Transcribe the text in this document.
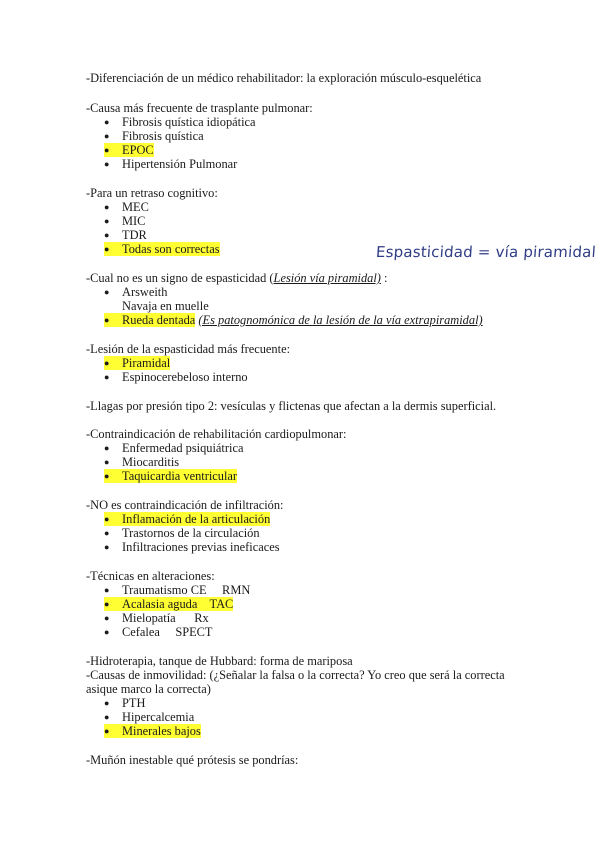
-Diferenciación de un médico rehabilitador: la exploración músculo-esquelética
-Causa más frecuente de trasplante pulmonar:
● Fibrosis quística idiopática
● Fibrosis quística
● EPOC
● Hipertensión Pulmonar
-Para un retraso cognitivo:
● MEC
● MIC
● TDR
● Todas son correctas	Espasticidad = vía piramidal
-Cual no es un signo de espasticidad (Lesión vía piramidal) :
● Arsweith
Navaja en muelle
● Rueda dentada (Es patognomónica de la lesión de la vía extrapiramidal)
-Lesión de la espasticidad más frecuente:
● Piramidal
● Espinocerebeloso interno
-Llagas por presión tipo 2: vesículas y flictenas que afectan a la dermis superficial.
-Contraindicación de rehabilitación cardiopulmonar:
● Enfermedad psiquiátrica
● Miocarditis
● Taquicardia ventricular
-NO es contraindicación de infiltración:
● Inflamación de la articulación
● Trastornos de la circulación
● Infiltraciones previas ineficaces
-Técnicas en alteraciones:
● Traumatismo CE     RMN
● Acalasia aguda    TAC
● Mielopatía      Rx
● Cefalea     SPECT
-Hidroterapia, tanque de Hubbard: forma de mariposa
-Causas de inmovilidad: (¿Señalar la falsa o la correcta? Yo creo que será la correcta
asique marco la correcta)
● PTH
● Hipercalcemia
● Minerales bajos
-Muñón inestable qué prótesis se pondrías:
